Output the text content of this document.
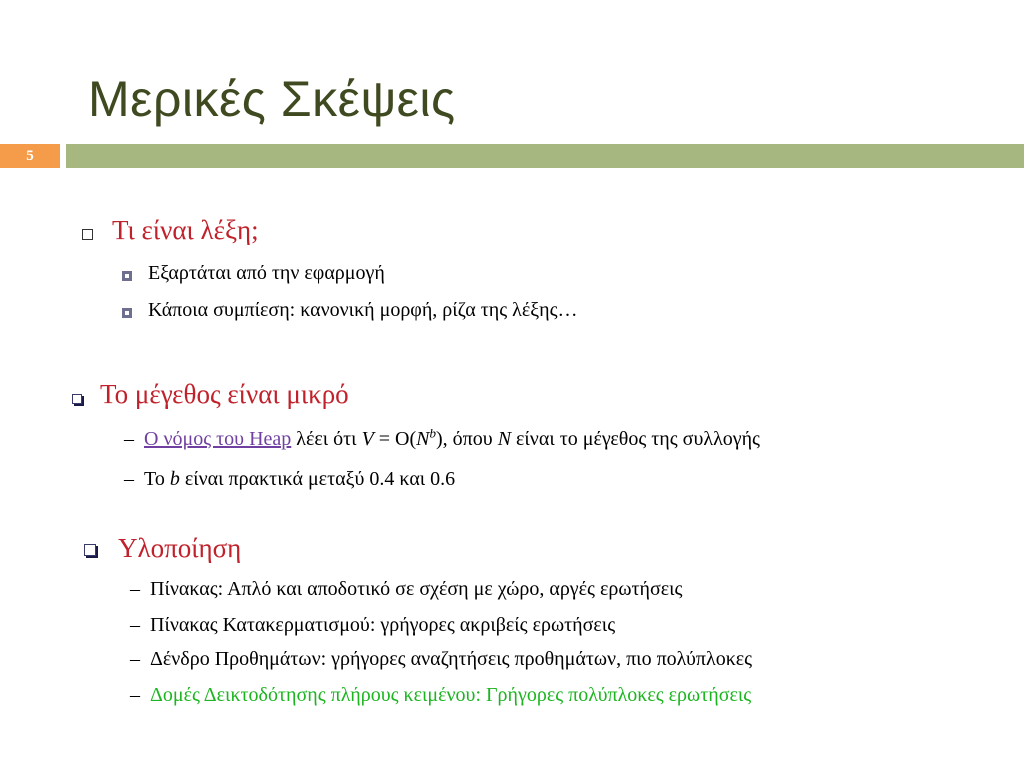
Μερικές Σκέψεις
5
Τι είναι λέξη;
Εξαρτάται από την εφαρμογή
Κάποια συμπίεση: κανονική μορφή, ρίζα της λέξης…
Το μέγεθος είναι μικρό
– Ο νόμος του Heap λέει ότι $V = O(N^b)$, όπου N είναι το μέγεθος της συλλογής
– Το b είναι πρακτικά μεταξύ 0.4 και 0.6
Υλοποίηση
– Πίνακας: Απλό και αποδοτικό σε σχέση με χώρο, αργές ερωτήσεις
– Πίνακας Κατακερματισμού: γρήγορες ακριβείς ερωτήσεις
– Δένδρο Προθημάτων: γρήγορες αναζητήσεις προθημάτων, πιο πολύπλοκες
– Δομές Δεικτοδότησης πλήρους κειμένου: Γρήγορες πολύπλοκες ερωτήσεις
